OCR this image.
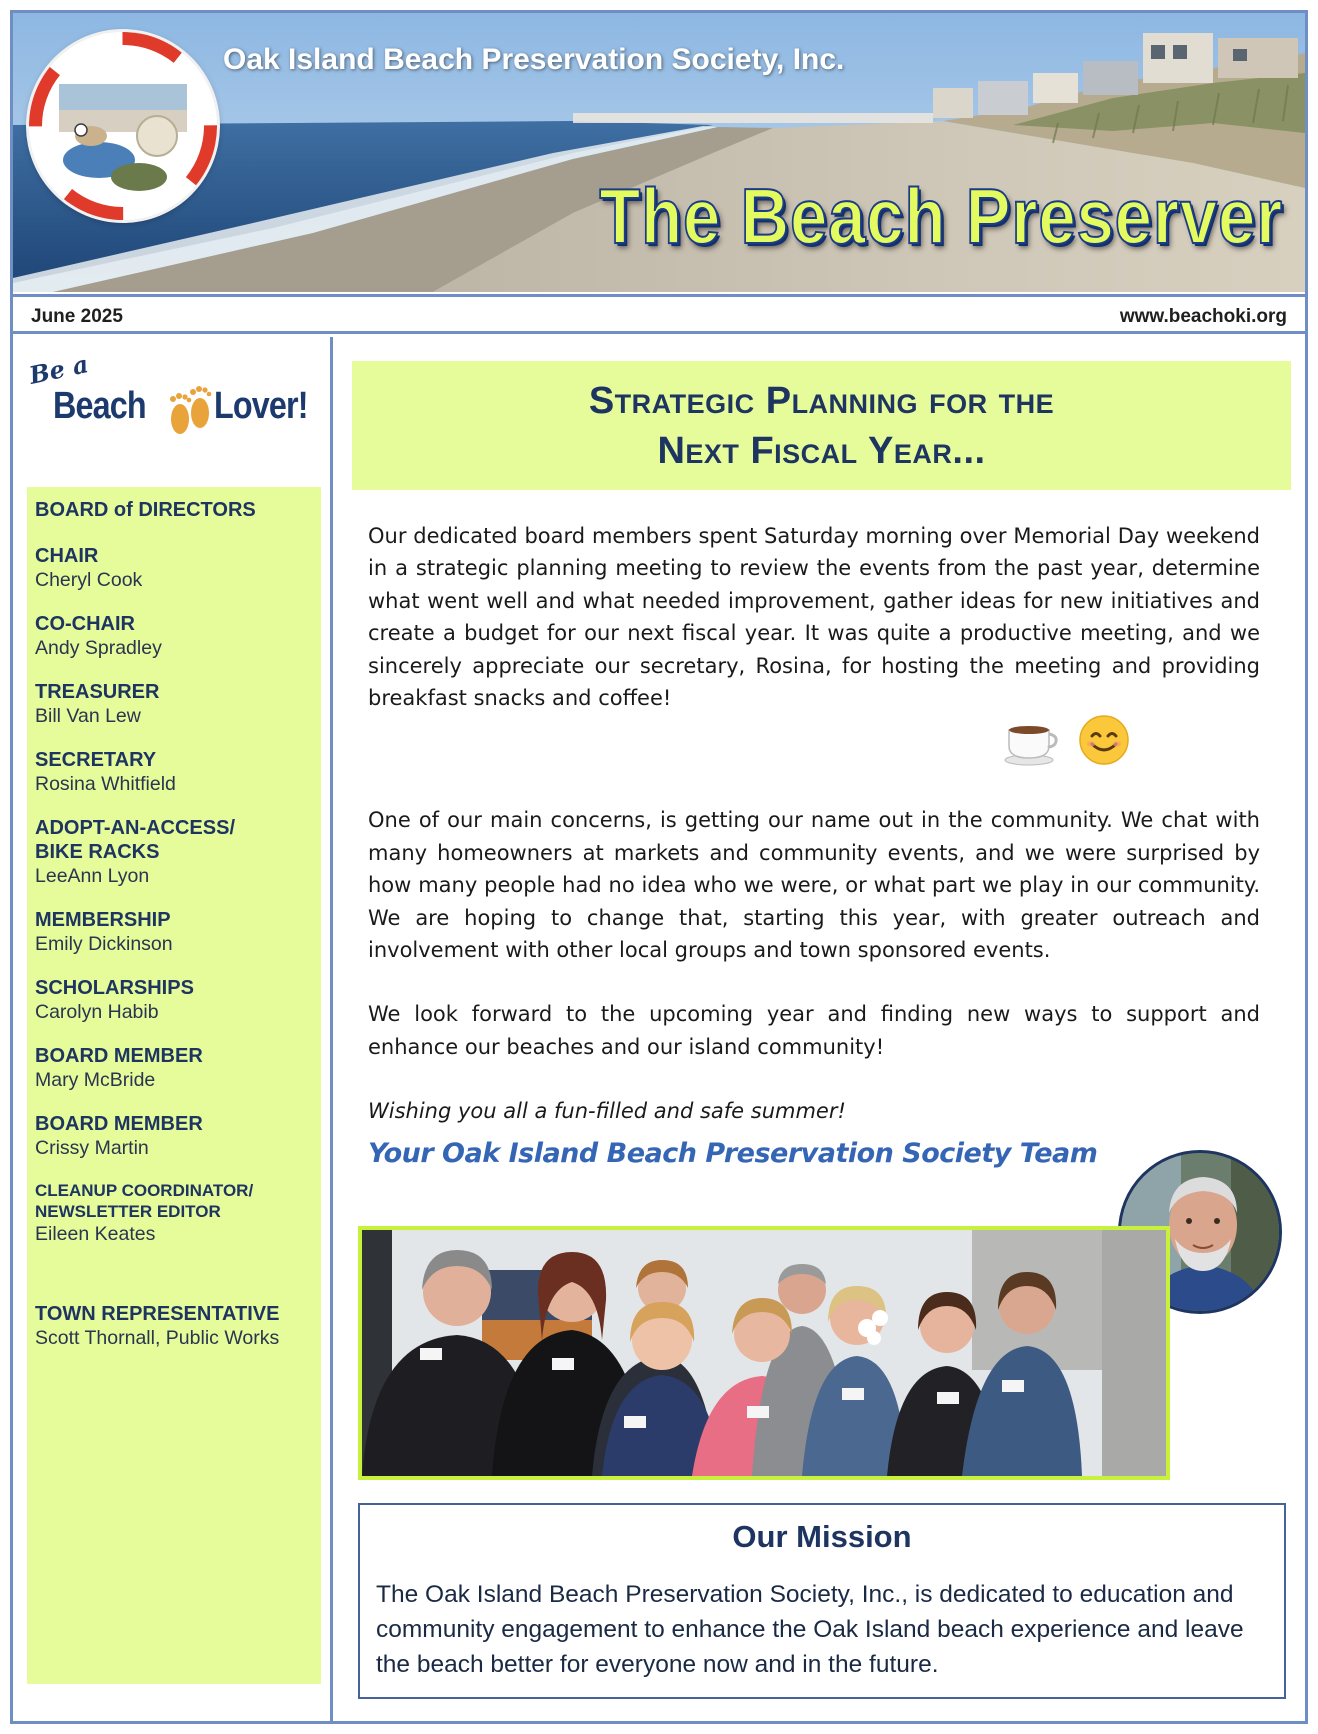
Oak Island Beach Preservation Society, Inc.
The Beach Preserver
June 2025	www.beachoki.org
Be a
Beach Lover!
BOARD of DIRECTORS
CHAIR
Cheryl Cook
CO-CHAIR
Andy Spradley
TREASURER
Bill Van Lew
SECRETARY
Rosina Whitfield
ADOPT-AN-ACCESS/
BIKE RACKS
LeeAnn Lyon
MEMBERSHIP
Emily Dickinson
SCHOLARSHIPS
Carolyn Habib
BOARD MEMBER
Mary McBride
BOARD MEMBER
Crissy Martin
CLEANUP COORDINATOR/
NEWSLETTER EDITOR
Eileen Keates
TOWN REPRESENTATIVE
Scott Thornall, Public Works
Strategic Planning for the
Next Fiscal Year...

Our dedicated board members spent Saturday morning over Memorial Day weekend in a strategic planning meeting to review the events from the past year, determine what went well and what needed improvement, gather ideas for new initiatives and create a budget for our next fiscal year. It was quite a productive meeting, and we sincerely appreciate our secretary, Rosina, for hosting the meeting and providing breakfast snacks and coffee!

One of our main concerns, is getting our name out in the community. We chat with many homeowners at markets and community events, and we were surprised by how many people had no idea who we were, or what part we play in our community. We are hoping to change that, starting this year, with greater outreach and involvement with other local groups and town sponsored events.

We look forward to the upcoming year and finding new ways to support and enhance our beaches and our island community!

Wishing you all a fun-filled and safe summer!

Your Oak Island Beach Preservation Society Team
Our Mission
The Oak Island Beach Preservation Society, Inc., is dedicated to education and community engagement to enhance the Oak Island beach experience and leave the beach better for everyone now and in the future.
